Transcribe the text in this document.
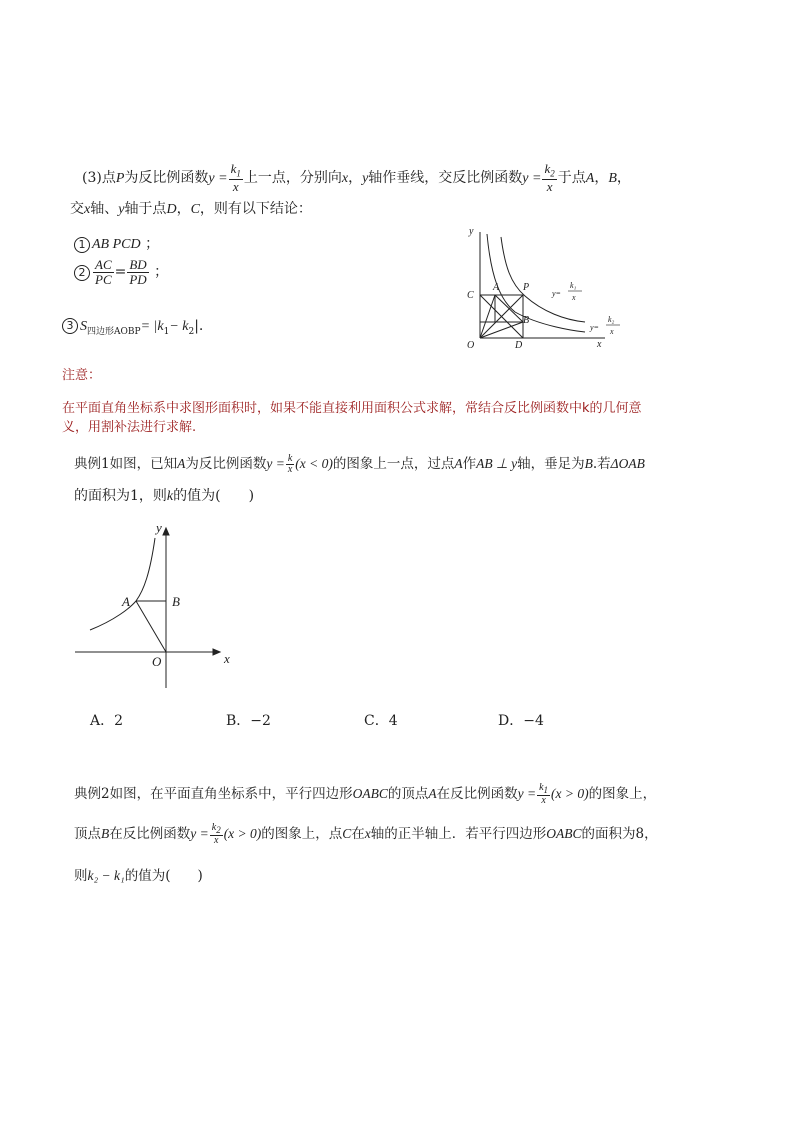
(3)点P为反比例函数$y = \frac{k_1}{x}$ 上一点，分别向x，y轴作垂线，交反比例函数$y = \frac{k_2}{x}$ 于点A，B，
交x轴、y轴于点D，C，则有以下结论：
1 AB PCD ；
$2 \frac{AC}{PC} = \frac{BD}{PD}$ ；
3 $S_{四边形AOBP}= |k_1- k_2|$.
y
x
C
A P
B
O	D
y=
k₁
x
y=
k₂
x
注意：
在平面直角坐标系中求图形面积时，如果不能直接利用面积公式求解，常结合反比例函数中k的几何意
义，用割补法进行求解.
典例1如图，已知A为反比例函数$y = \frac{k}{x} (x < 0)$的图象上一点，过点A作AB ⊥ y轴，垂足为B.若ΔOAB
的面积为1，则k的值为(　　)
y
x
A	B
O
A．2	B．−2	C．4	D．−4
典例2如图，在平面直角坐标系中，平行四边形OABC的顶点A在反比例函数$y = \frac{k_1}{x} (x > 0)$的图象上，
顶点B在反比例函数$y = \frac{k_2}{x} (x > 0)$的图象上，点C在x轴的正半轴上．若平行四边形OABC的面积为8，
则k₂ − k₁的值为(　　)
